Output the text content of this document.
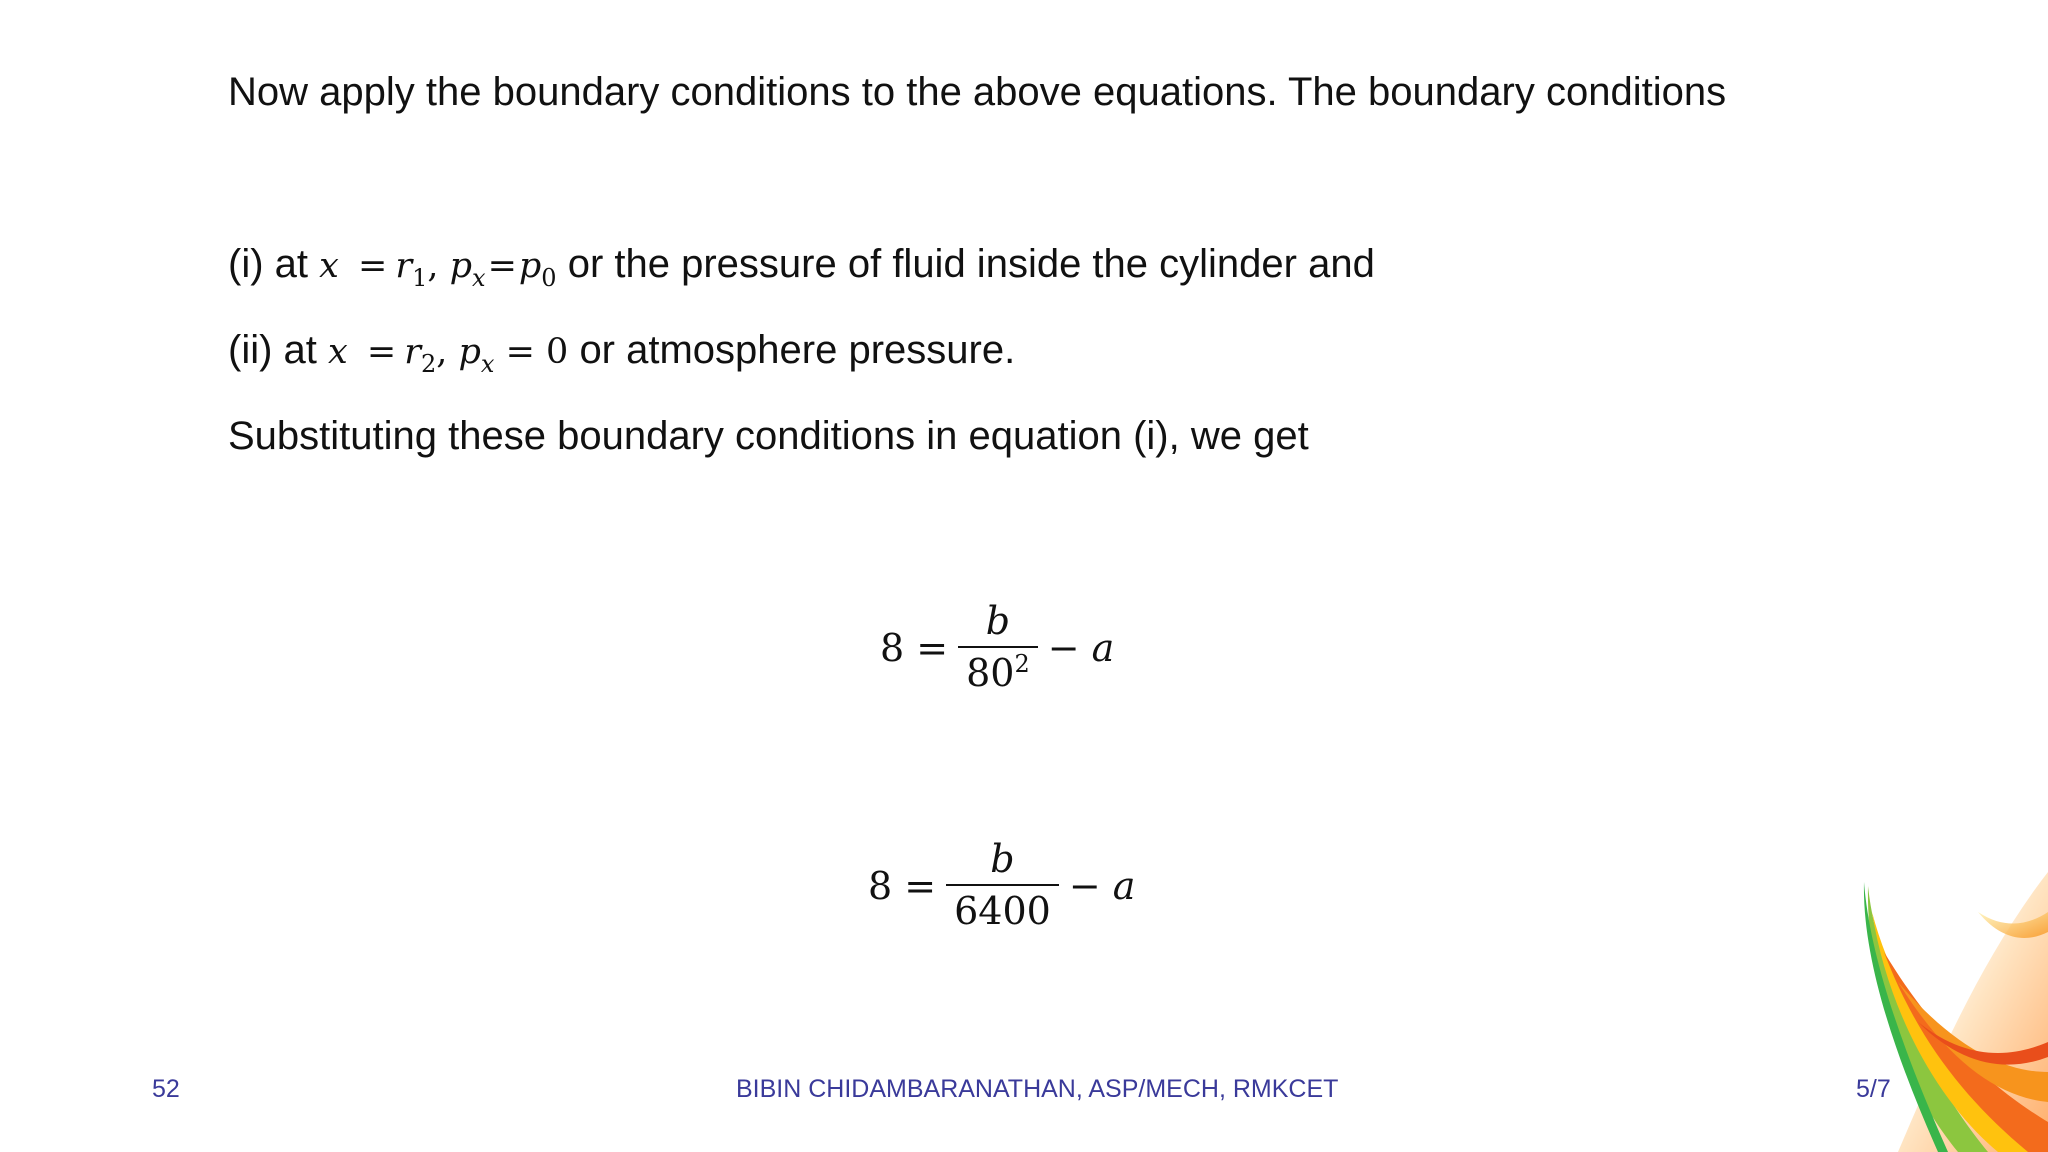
Now apply the boundary conditions to the above equations. The boundary conditions
(i) at $x = r_1$, $p_x=p_0$ or the pressure of fluid inside the cylinder and
(ii) at $x = r_2$, $p_x = 0$ or atmosphere pressure.
Substituting these boundary conditions in equation (i), we get
$8 = \frac{b}{80^2} - a$
$8 = \frac{b}{6400} - a$
52	BIBIN CHIDAMBARANATHAN, ASP/MECH, RMKCET	5/7
